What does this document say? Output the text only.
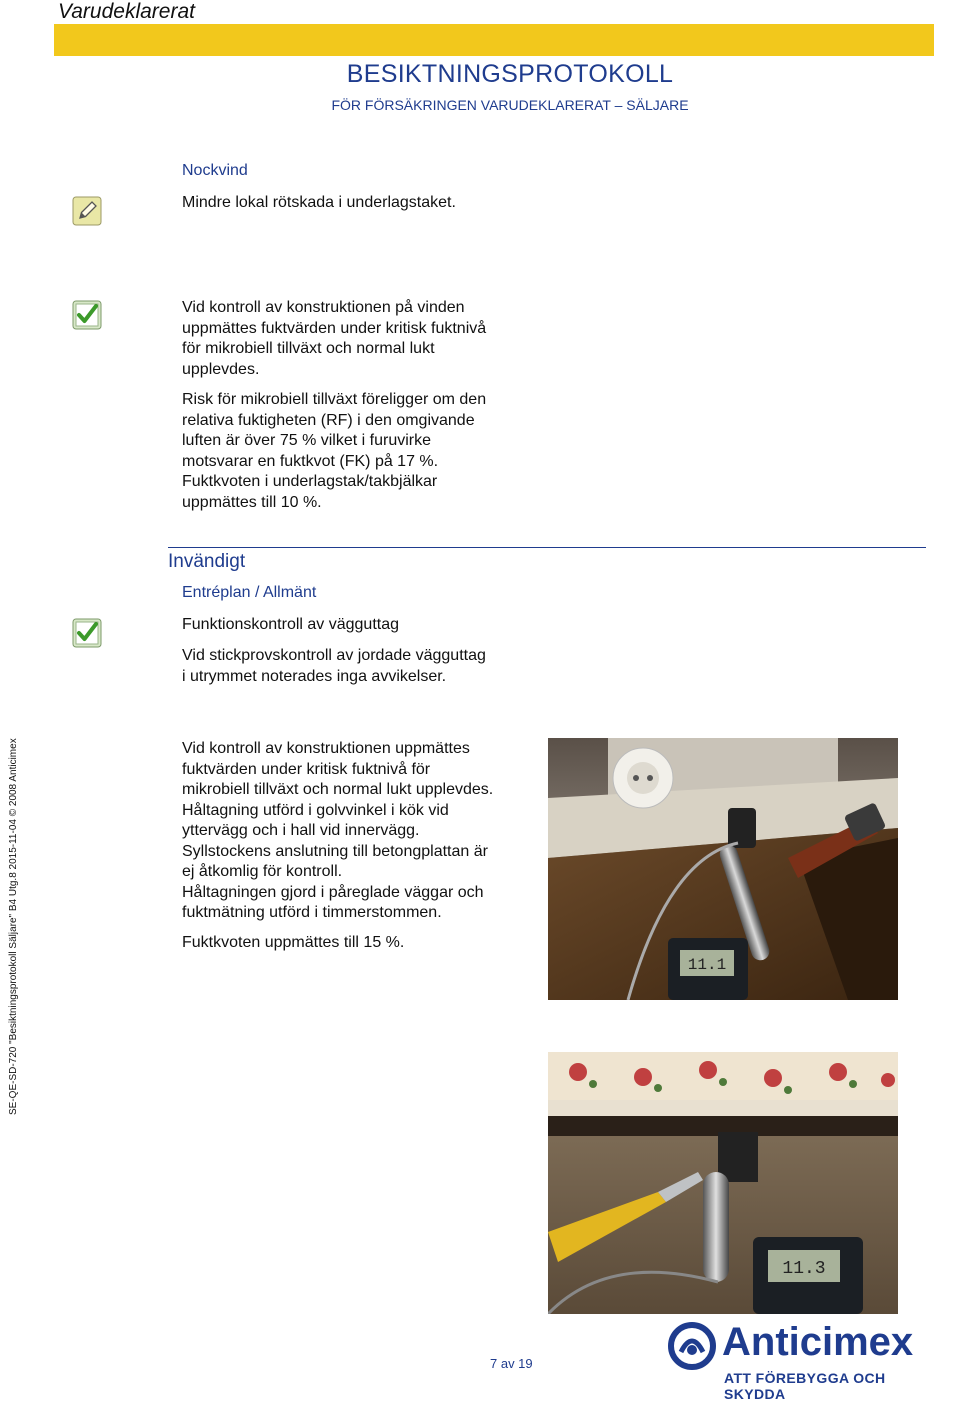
Varudeklarerat
BESIKTNINGSPROTOKOLL
FÖR FÖRSÄKRINGEN VARUDEKLARERAT – SÄLJARE
Nockvind
Mindre lokal rötskada i underlagstaket.
Vid kontroll av konstruktionen på vinden
uppmättes fuktvärden under kritisk fuktnivå
för mikrobiell tillväxt och normal lukt
upplevdes.
Risk för mikrobiell tillväxt föreligger om den
relativa fuktigheten (RF) i den omgivande
luften är över 75 % vilket i furuvirke
motsvarar en fuktkvot (FK) på 17 %.
Fuktkvoten i underlagstak/takbjälkar
uppmättes till 10 %.
Invändigt
Entréplan / Allmänt
Funktionskontroll av vägguttag
Vid stickprovskontroll av jordade vägguttag
i utrymmet noterades inga avvikelser.
Vid kontroll av konstruktionen uppmättes
fuktvärden under kritisk fuktnivå för
mikrobiell tillväxt och normal lukt upplevdes.
Håltagning utförd i golvvinkel i kök vid
yttervägg och i hall vid innervägg.
Syllstockens anslutning till betongplattan är
ej åtkomlig för kontroll.
Håltagningen gjord i påreglade väggar och
fuktmätning utförd i timmerstommen.
Fuktkvoten uppmättes till 15 %.
11.1
11.3
SE-QE-SD-720 "Besiktningsprotokoll Säljare" B4 Utg.8 2015-11-04 © 2008 Anticimex
7 av 19	Anticimex
ATT FÖREBYGGA OCH SKYDDA
